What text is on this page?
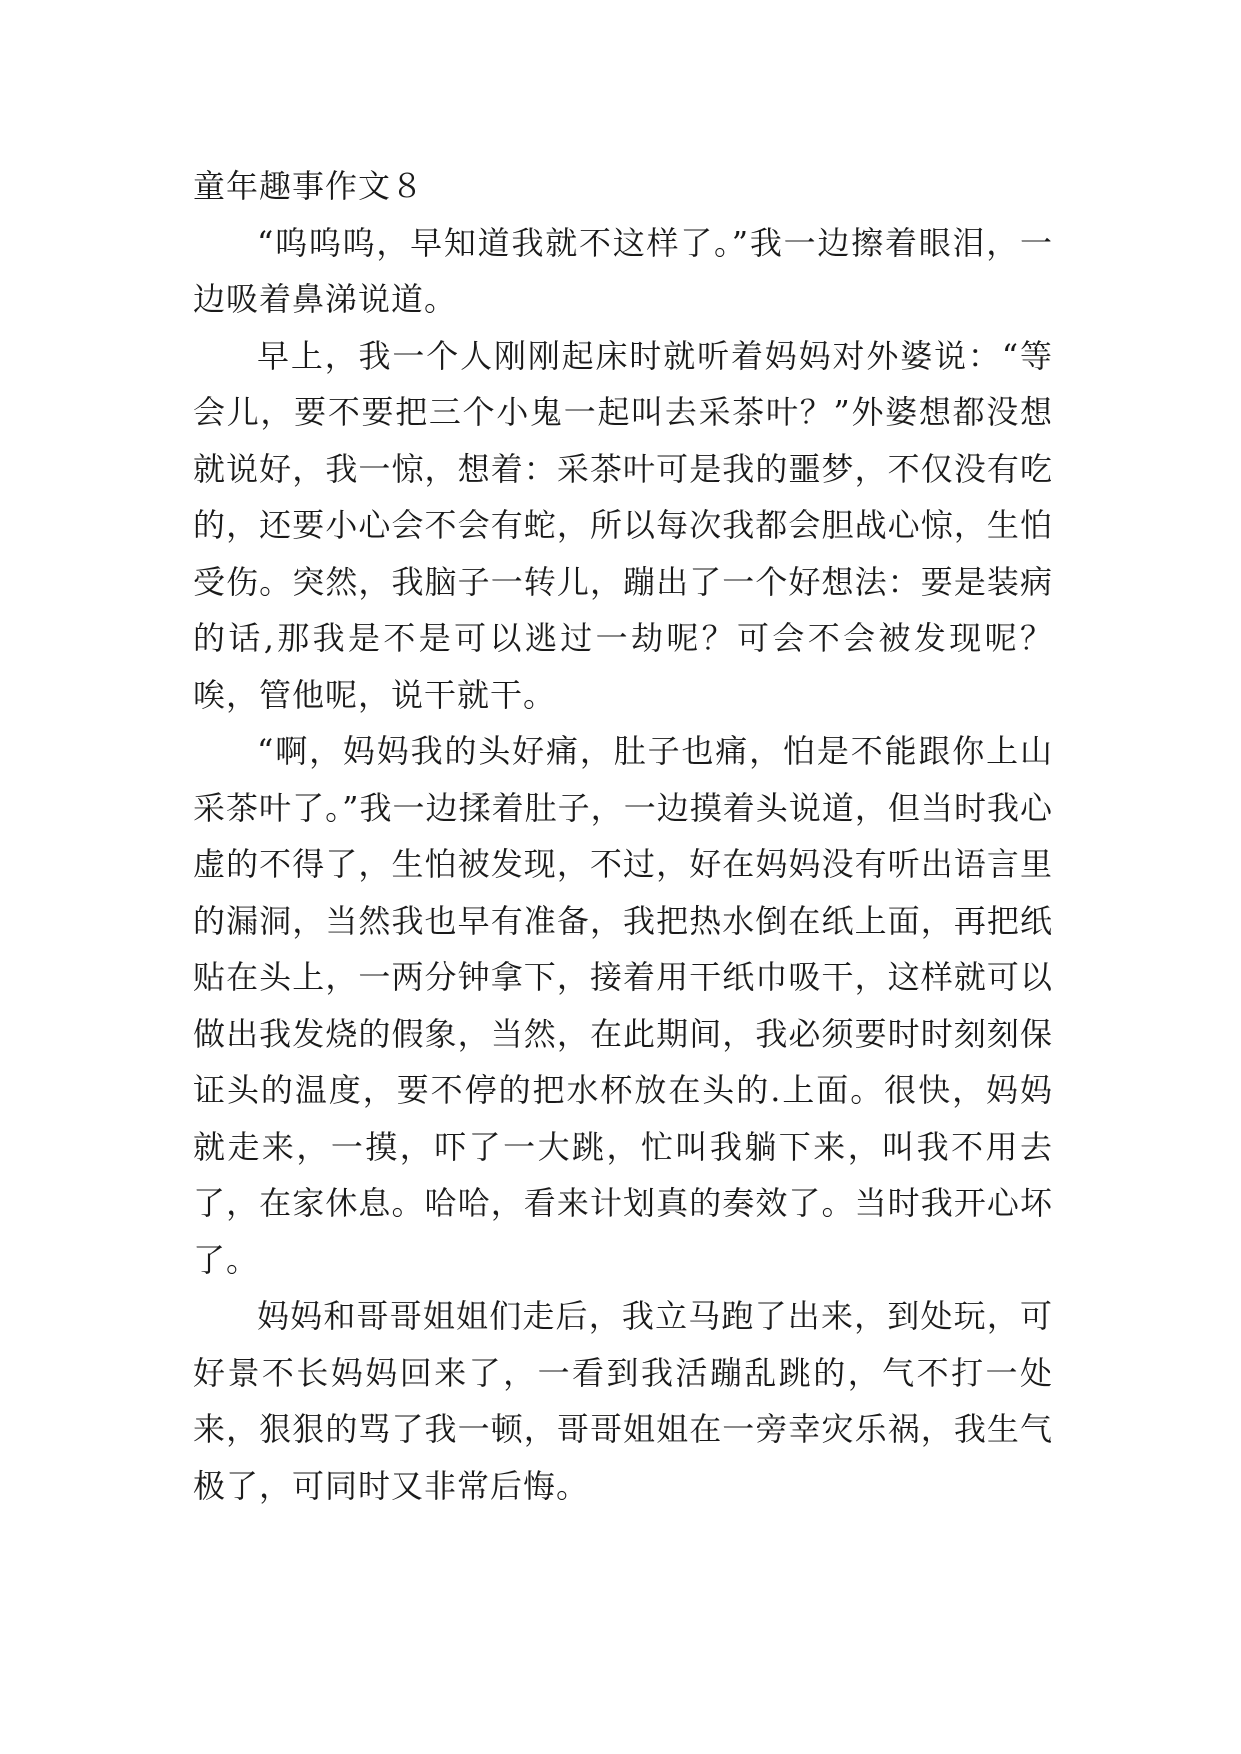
童年趣事作文８

“呜呜呜，早知道我就不这样了。”我一边擦着眼泪，一边吸着鼻涕说道。

早上，我一个人刚刚起床时就听着妈妈对外婆说：“等会儿，要不要把三个小鬼一起叫去采茶叶？”外婆想都没想就说好，我一惊，想着：采茶叶可是我的噩梦，不仅没有吃的，还要小心会不会有蛇，所以每次我都会胆战心惊，生怕受伤。突然，我脑子一转儿，蹦出了一个好想法：要是装病的话,那我是不是可以逃过一劫呢？可会不会被发现呢？唉，管他呢，说干就干。

“啊，妈妈我的头好痛，肚子也痛，怕是不能跟你上山采茶叶了。”我一边揉着肚子，一边摸着头说道，但当时我心虚的不得了，生怕被发现，不过，好在妈妈没有听出语言里的漏洞，当然我也早有准备，我把热水倒在纸上面，再把纸贴在头上，一两分钟拿下，接着用干纸巾吸干，这样就可以做出我发烧的假象，当然，在此期间，我必须要时时刻刻保证头的温度，要不停的把水杯放在头的.上面。很快，妈妈就走来，一摸，吓了一大跳，忙叫我躺下来，叫我不用去了，在家休息。哈哈，看来计划真的奏效了。当时我开心坏了。

妈妈和哥哥姐姐们走后，我立马跑了出来，到处玩，可好景不长妈妈回来了，一看到我活蹦乱跳的，气不打一处来，狠狠的骂了我一顿，哥哥姐姐在一旁幸灾乐祸，我生气极了，可同时又非常后悔。
